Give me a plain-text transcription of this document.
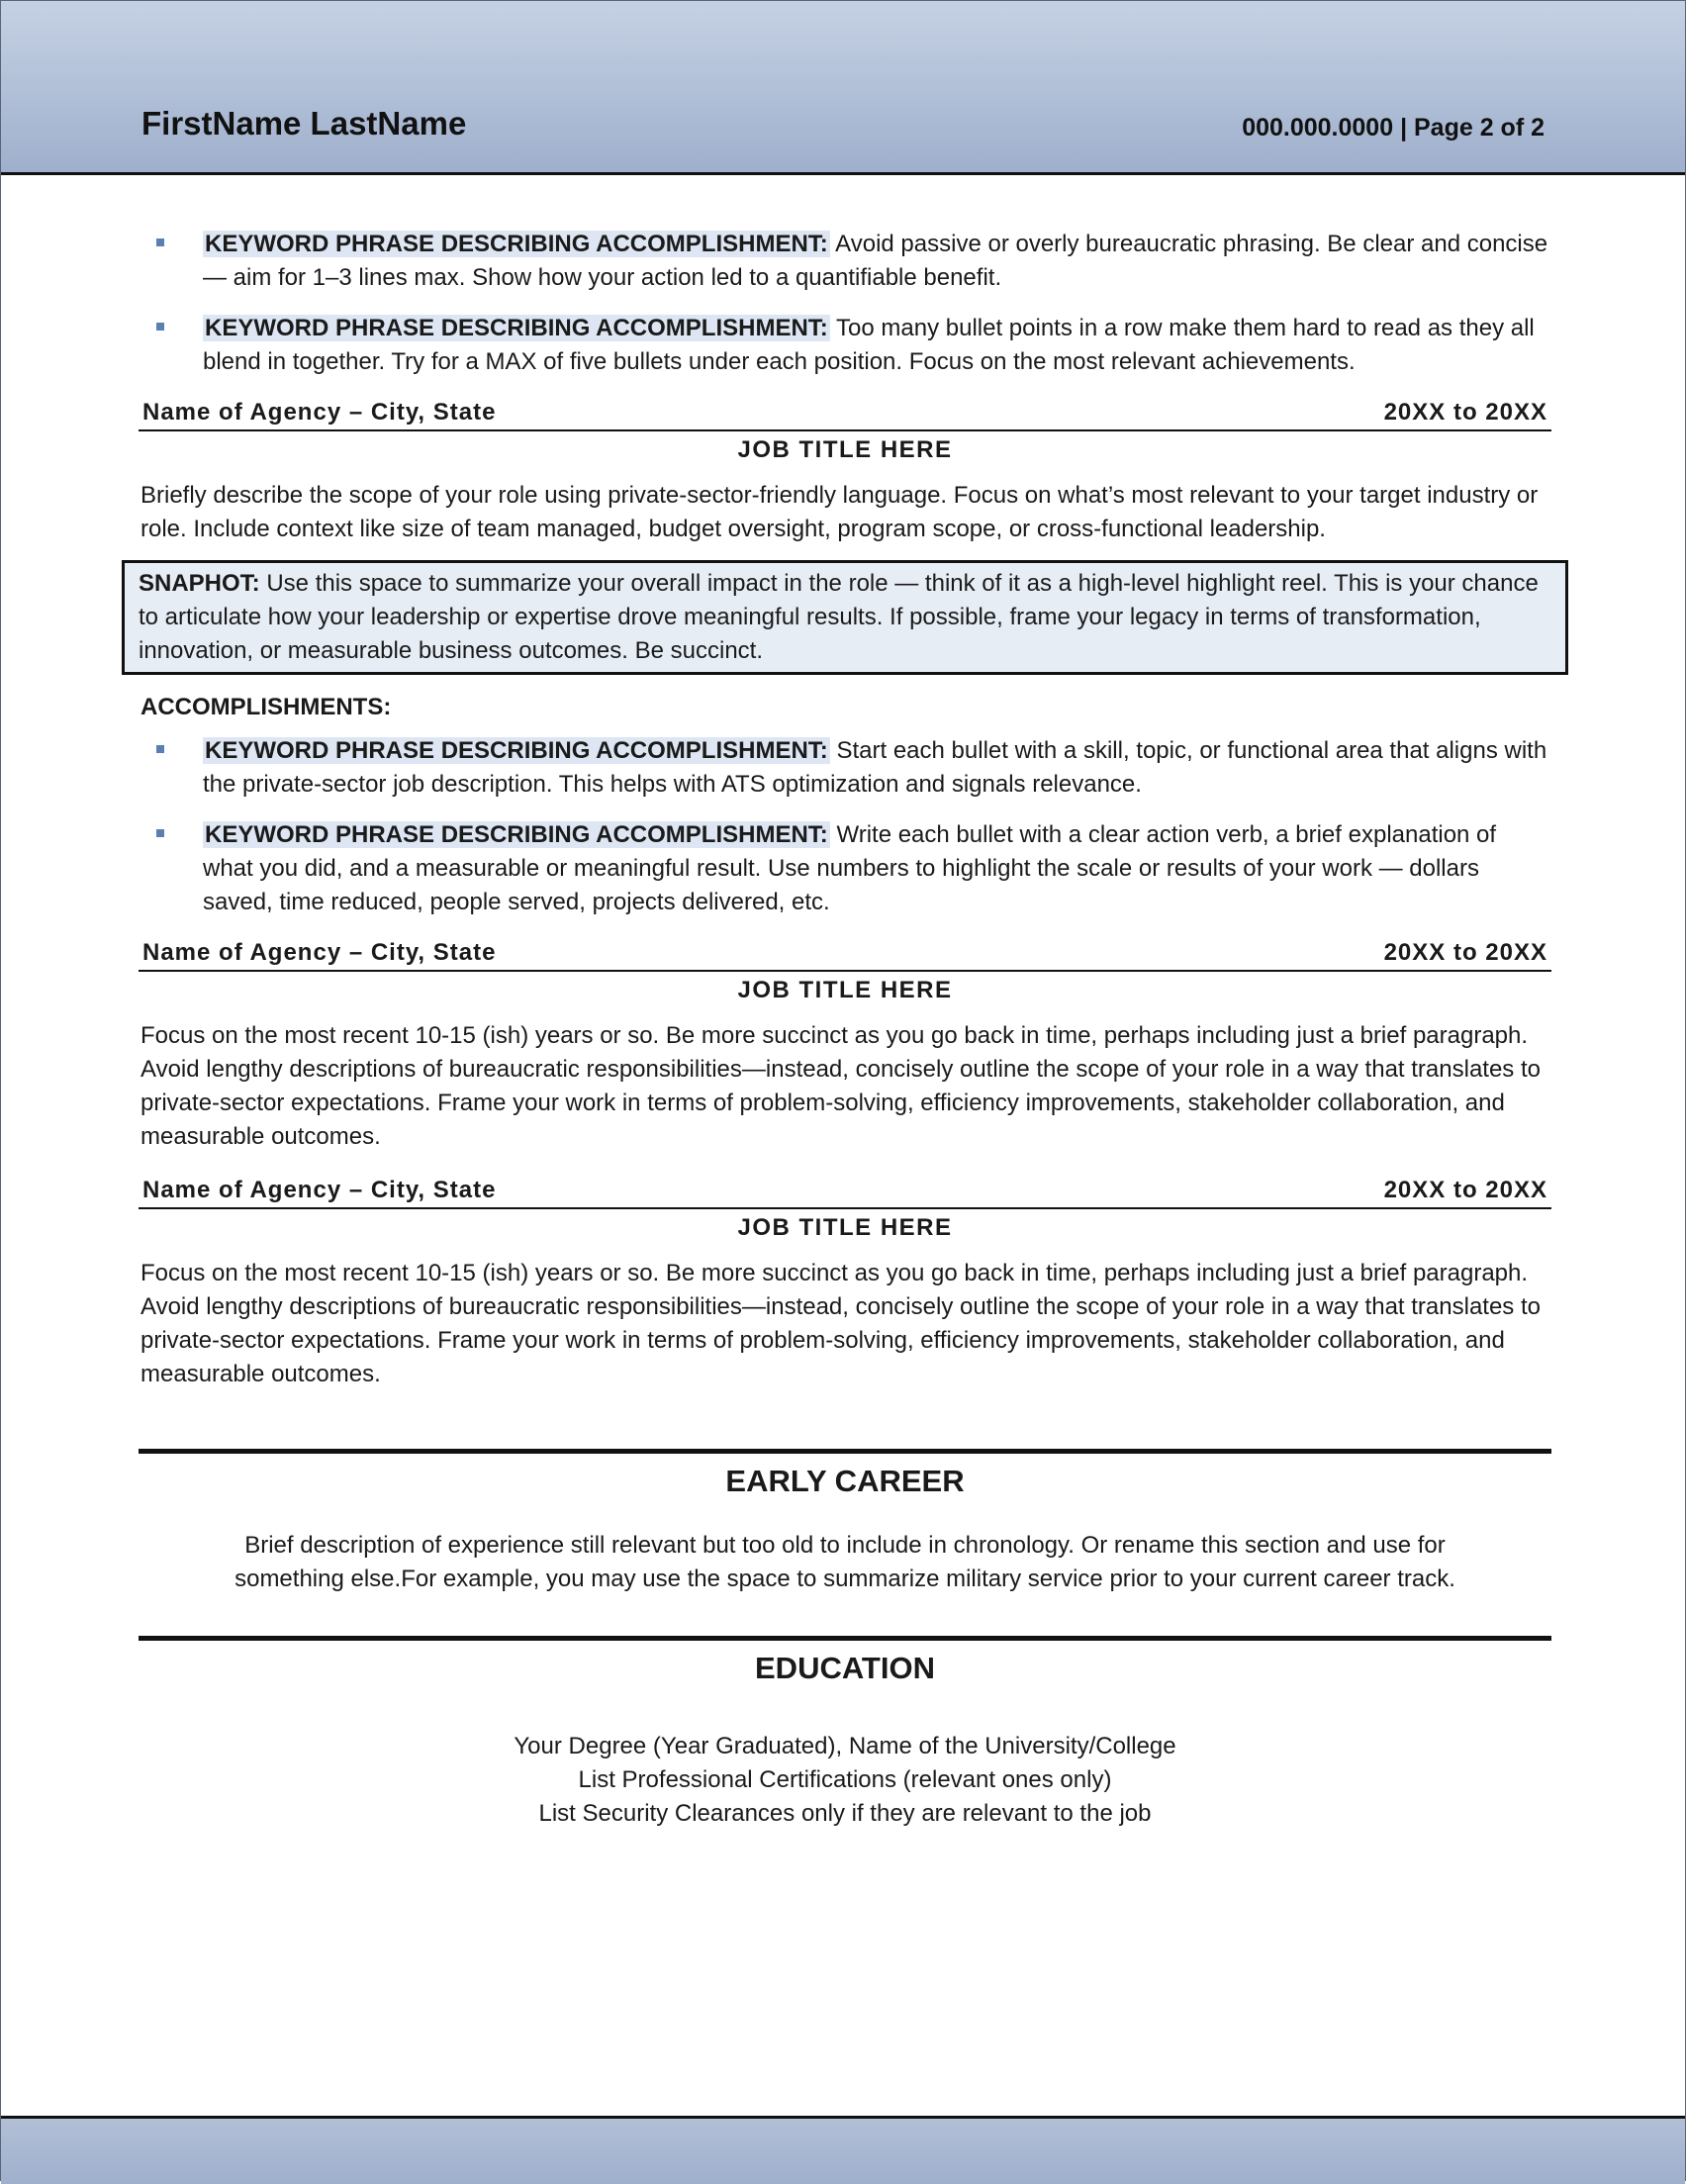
FirstName LastName	000.000.0000 | Page 2 of 2
KEYWORD PHRASE DESCRIBING ACCOMPLISHMENT: Avoid passive or overly bureaucratic phrasing. Be clear and concise — aim for 1–3 lines max. Show how your action led to a quantifiable benefit.
KEYWORD PHRASE DESCRIBING ACCOMPLISHMENT: Too many bullet points in a row make them hard to read as they all blend in together. Try for a MAX of five bullets under each position. Focus on the most relevant achievements.
Name of Agency – City, State	20XX to 20XX
JOB TITLE HERE
Briefly describe the scope of your role using private-sector-friendly language. Focus on what’s most relevant to your target industry or role. Include context like size of team managed, budget oversight, program scope, or cross-functional leadership.
SNAPHOT: Use this space to summarize your overall impact in the role — think of it as a high-level highlight reel. This is your chance to articulate how your leadership or expertise drove meaningful results. If possible, frame your legacy in terms of transformation, innovation, or measurable business outcomes. Be succinct.
ACCOMPLISHMENTS:
KEYWORD PHRASE DESCRIBING ACCOMPLISHMENT: Start each bullet with a skill, topic, or functional area that aligns with the private-sector job description. This helps with ATS optimization and signals relevance.
KEYWORD PHRASE DESCRIBING ACCOMPLISHMENT: Write each bullet with a clear action verb, a brief explanation of what you did, and a measurable or meaningful result. Use numbers to highlight the scale or results of your work — dollars saved, time reduced, people served, projects delivered, etc.
Name of Agency – City, State	20XX to 20XX
JOB TITLE HERE
Focus on the most recent 10-15 (ish) years or so. Be more succinct as you go back in time, perhaps including just a brief paragraph. Avoid lengthy descriptions of bureaucratic responsibilities—instead, concisely outline the scope of your role in a way that translates to private-sector expectations. Frame your work in terms of problem-solving, efficiency improvements, stakeholder collaboration, and measurable outcomes.
Name of Agency – City, State	20XX to 20XX
JOB TITLE HERE
Focus on the most recent 10-15 (ish) years or so. Be more succinct as you go back in time, perhaps including just a brief paragraph. Avoid lengthy descriptions of bureaucratic responsibilities—instead, concisely outline the scope of your role in a way that translates to private-sector expectations. Frame your work in terms of problem-solving, efficiency improvements, stakeholder collaboration, and measurable outcomes.
EARLY CAREER
Brief description of experience still relevant but too old to include in chronology. Or rename this section and use for something else.For example, you may use the space to summarize military service prior to your current career track.
EDUCATION
Your Degree (Year Graduated), Name of the University/College
List Professional Certifications (relevant ones only)
List Security Clearances only if they are relevant to the job
